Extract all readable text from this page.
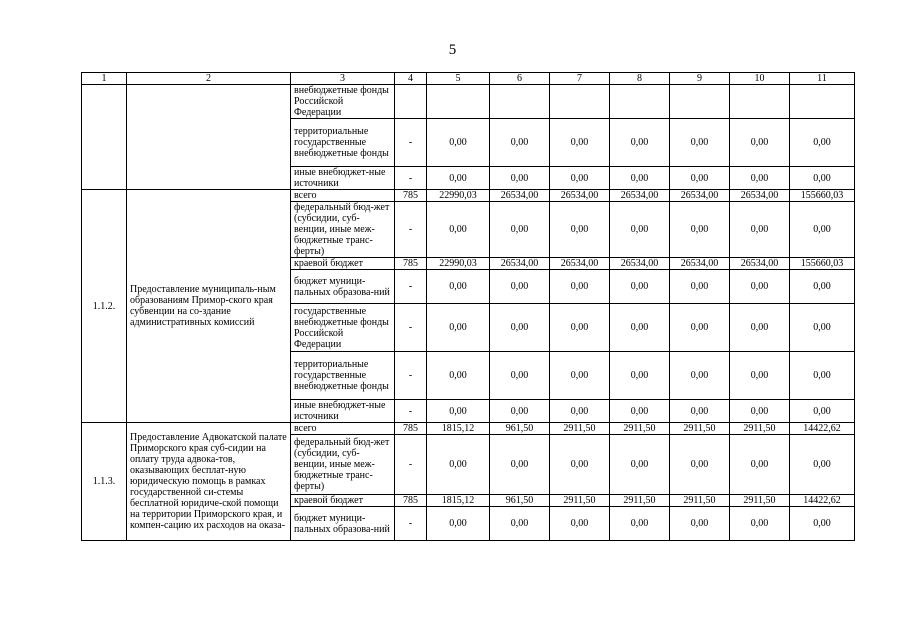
5
1	2	3	4	5	6	7	8	9	10	11
		внебюджетные фонды Российской Федерации								
		территориальные государственные внебюджетные фонды	-	0,00	0,00	0,00	0,00	0,00	0,00	0,00
		иные внебюджет-ные источники	-	0,00	0,00	0,00	0,00	0,00	0,00	0,00
1.1.2.	Предоставление муниципаль-ным образованиям Примор-ского края субвенции на со-здание административных комиссий	всего	785	22990,03	26534,00	26534,00	26534,00	26534,00	26534,00	155660,03
		федеральный бюд-жет (субсидии, суб-венции, иные меж-бюджетные транс-ферты)	-	0,00	0,00	0,00	0,00	0,00	0,00	0,00
		краевой бюджет	785	22990,03	26534,00	26534,00	26534,00	26534,00	26534,00	155660,03
		бюджет муници-пальных образова-ний	-	0,00	0,00	0,00	0,00	0,00	0,00	0,00
		государственные внебюджетные фонды Российской Федерации	-	0,00	0,00	0,00	0,00	0,00	0,00	0,00
		территориальные государственные внебюджетные фонды	-	0,00	0,00	0,00	0,00	0,00	0,00	0,00
		иные внебюджет-ные источники	-	0,00	0,00	0,00	0,00	0,00	0,00	0,00
1.1.3.	Предоставление Адвокатской палате Приморского края суб-сидии на оплату труда адвока-тов, оказывающих бесплат-ную юридическую помощь в рамках государственной си-стемы бесплатной юридиче-ской помощи на территории Приморского края, и компен-сацию их расходов на оказа-	всего	785	1815,12	961,50	2911,50	2911,50	2911,50	2911,50	14422,62
		федеральный бюд-жет (субсидии, суб-венции, иные меж-бюджетные транс-ферты)	-	0,00	0,00	0,00	0,00	0,00	0,00	0,00
		краевой бюджет	785	1815,12	961,50	2911,50	2911,50	2911,50	2911,50	14422,62
		бюджет муници-пальных образова-ний	-	0,00	0,00	0,00	0,00	0,00	0,00	0,00
